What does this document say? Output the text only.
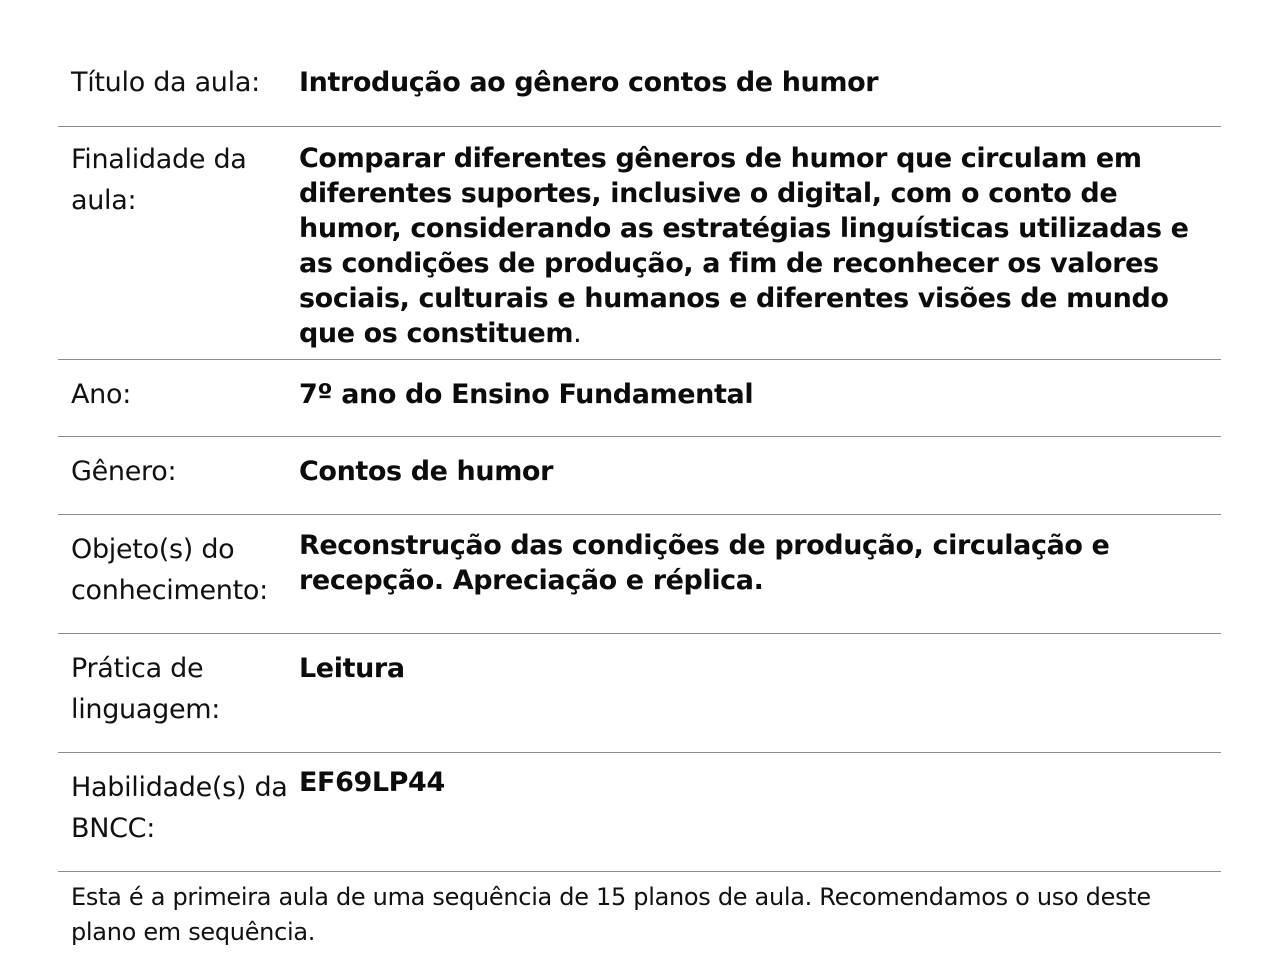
Título da aula:	Introdução ao gênero contos de humor
Finalidade da aula:
Comparar diferentes gêneros de humor que circulam em diferentes suportes, inclusive o digital, com o conto de humor, considerando as estratégias linguísticas utilizadas e as condições de produção, a fim de reconhecer os valores sociais, culturais e humanos e diferentes visões de mundo que os constituem.
Ano:	7º ano do Ensino Fundamental
Gênero:	Contos de humor
Objeto(s) do conhecimento:
Reconstrução das condições de produção, circulação e recepção. Apreciação e réplica.
Prática de linguagem:
Leitura
Habilidade(s) da BNCC:
EF69LP44
Esta é a primeira aula de uma sequência de 15 planos de aula. Recomendamos o uso deste plano em sequência.
